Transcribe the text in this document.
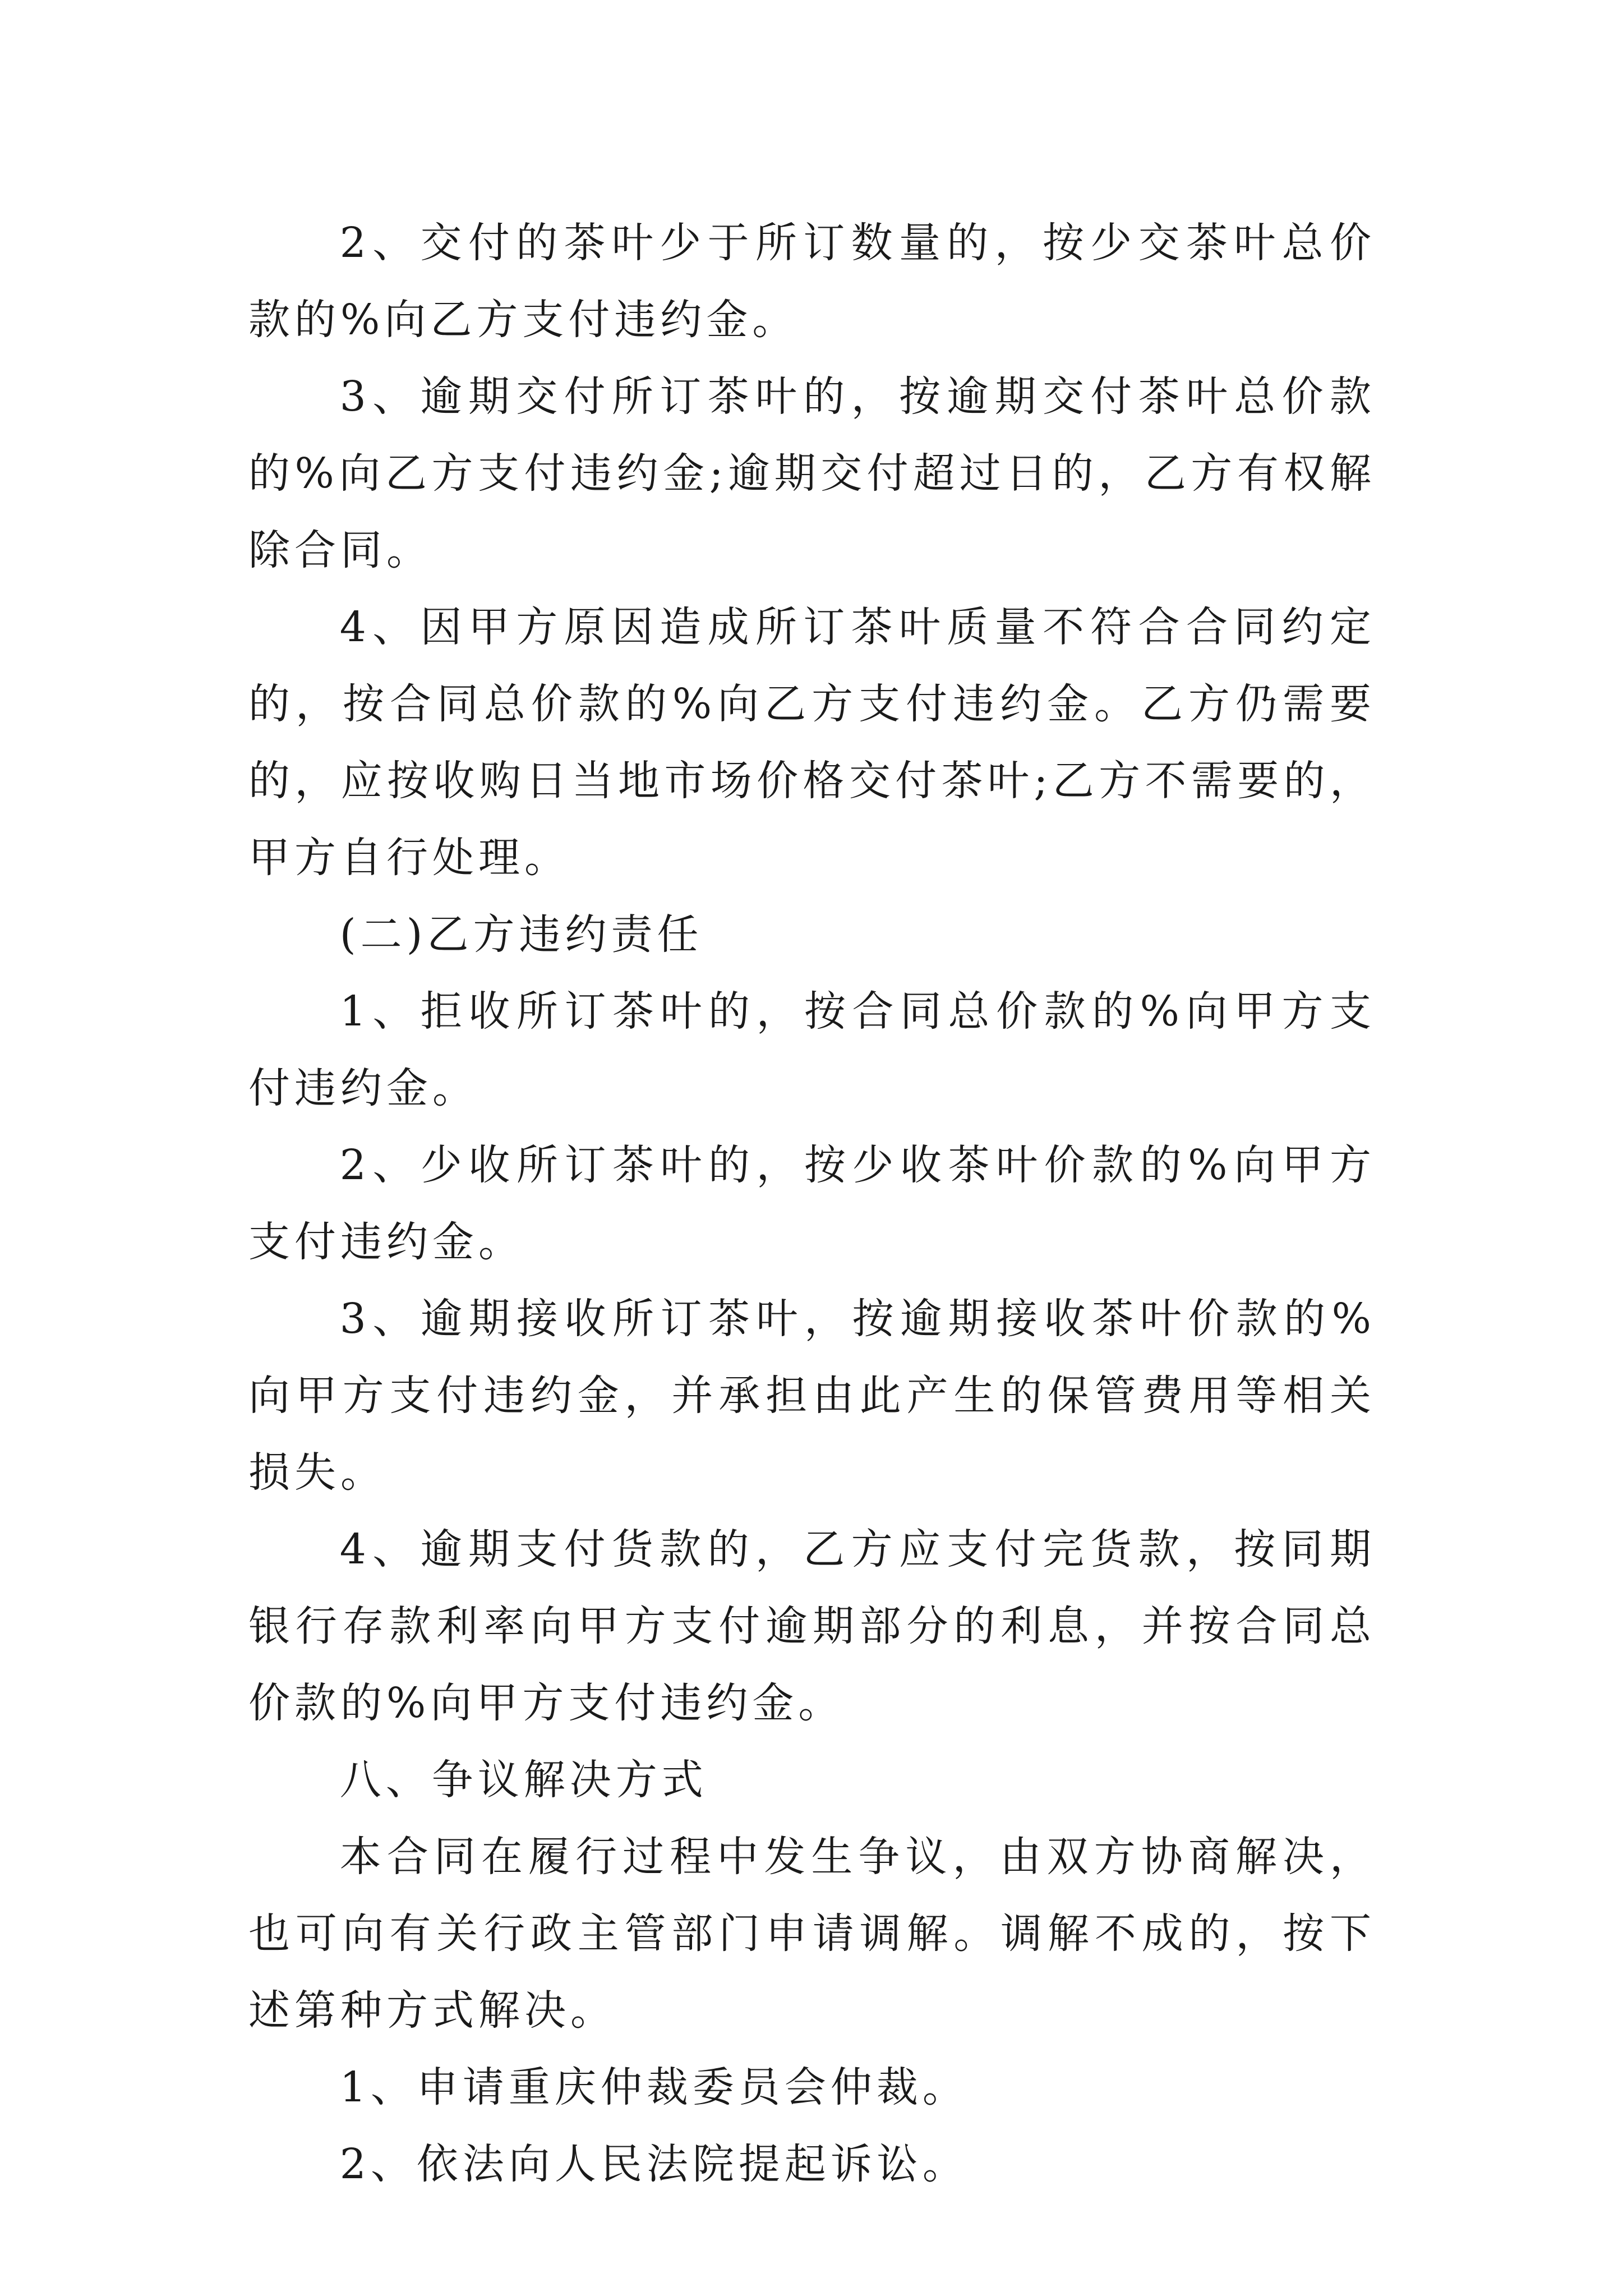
2、交付的茶叶少于所订数量的，按少交茶叶总价款的%向乙方支付违约金。

3、逾期交付所订茶叶的，按逾期交付茶叶总价款的%向乙方支付违约金;逾期交付超过日的，乙方有权解除合同。

4、因甲方原因造成所订茶叶质量不符合合同约定的，按合同总价款的%向乙方支付违约金。乙方仍需要的，应按收购日当地市场价格交付茶叶;乙方不需要的，甲方自行处理。

(二)乙方违约责任

1、拒收所订茶叶的，按合同总价款的%向甲方支付违约金。

2、少收所订茶叶的，按少收茶叶价款的%向甲方支付违约金。

3、逾期接收所订茶叶，按逾期接收茶叶价款的%向甲方支付违约金，并承担由此产生的保管费用等相关损失。

4、逾期支付货款的，乙方应支付完货款，按同期银行存款利率向甲方支付逾期部分的利息，并按合同总价款的%向甲方支付违约金。

八、争议解决方式

本合同在履行过程中发生争议，由双方协商解决，也可向有关行政主管部门申请调解。调解不成的，按下述第种方式解决。

1、申请重庆仲裁委员会仲裁。

2、依法向人民法院提起诉讼。
